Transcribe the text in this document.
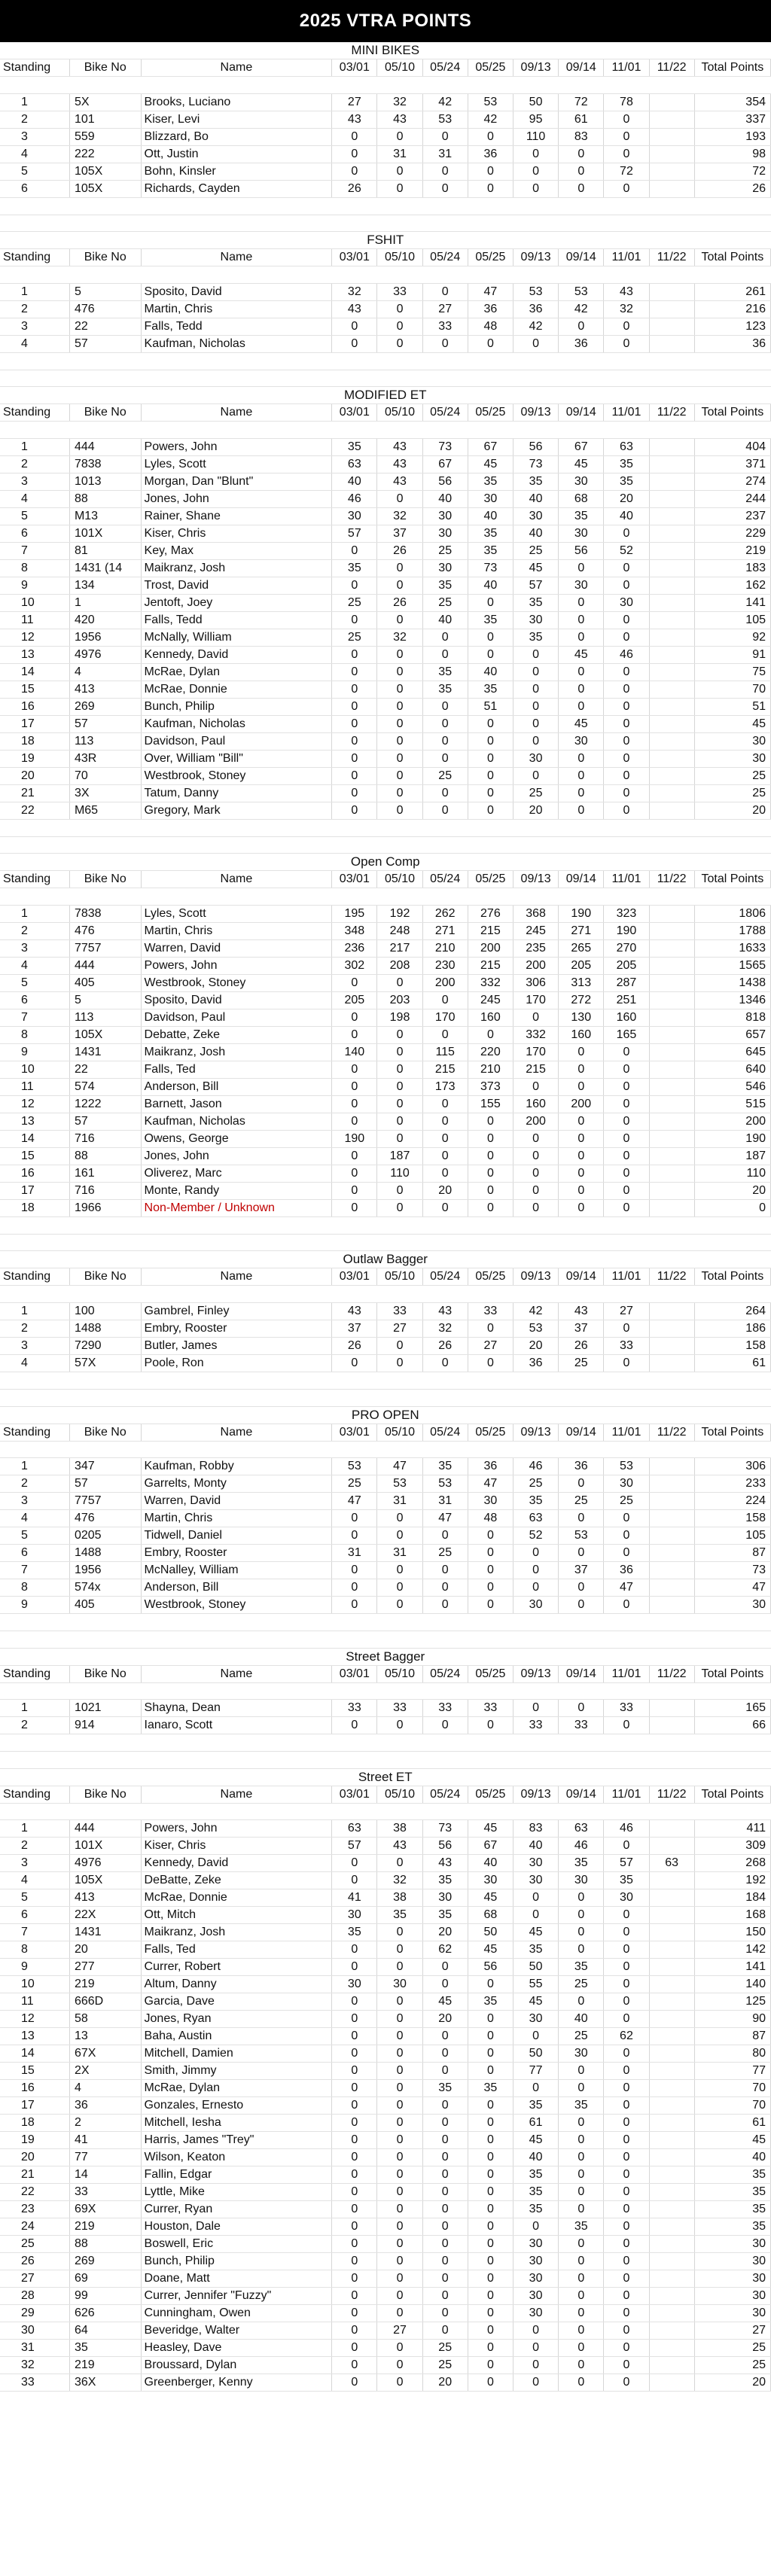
2025 VTRA POINTS
MINI BIKES											
Standing	Bike No	Name	03/01	05/10	05/24	05/25	09/13	09/14	11/01	11/22	Total Points

1	5X	Brooks, Luciano	27	32	42	53	50	72	78		354
2	101	Kiser, Levi	43	43	53	42	95	61	0		337
3	559	Blizzard, Bo	0	0	0	0	110	83	0		193
4	222	Ott, Justin	0	31	31	36	0	0	0		98
5	105X	Bohn, Kinsler	0	0	0	0	0	0	72		72
6	105X	Richards, Cayden	26	0	0	0	0	0	0		26

FSHIT											
Standing	Bike No	Name	03/01	05/10	05/24	05/25	09/13	09/14	11/01	11/22	Total Points

1	5	Sposito, David	32	33	0	47	53	53	43		261
2	476	Martin, Chris	43	0	27	36	36	42	32		216
3	22	Falls, Tedd	0	0	33	48	42	0	0		123
4	57	Kaufman, Nicholas	0	0	0	0	0	36	0		36

MODIFIED ET											
Standing	Bike No	Name	03/01	05/10	05/24	05/25	09/13	09/14	11/01	11/22	Total Points

1	444	Powers, John	35	43	73	67	56	67	63		404
2	7838	Lyles, Scott	63	43	67	45	73	45	35		371
3	1013	Morgan, Dan "Blunt"	40	43	56	35	35	30	35		274
4	88	Jones, John	46	0	40	30	40	68	20		244
5	M13	Rainer, Shane	30	32	30	40	30	35	40		237
6	101X	Kiser, Chris	57	37	30	35	40	30	0		229
7	81	Key, Max	0	26	25	35	25	56	52		219
8	1431 (14	Maikranz, Josh	35	0	30	73	45	0	0		183
9	134	Trost, David	0	0	35	40	57	30	0		162
10	1	Jentoft, Joey	25	26	25	0	35	0	30		141
11	420	Falls, Tedd	0	0	40	35	30	0	0		105
12	1956	McNally, William	25	32	0	0	35	0	0		92
13	4976	Kennedy, David	0	0	0	0	0	45	46		91
14	4	McRae, Dylan	0	0	35	40	0	0	0		75
15	413	McRae, Donnie	0	0	35	35	0	0	0		70
16	269	Bunch, Philip	0	0	0	51	0	0	0		51
17	57	Kaufman, Nicholas	0	0	0	0	0	45	0		45
18	113	Davidson, Paul	0	0	0	0	0	30	0		30
19	43R	Over, William "Bill"	0	0	0	0	30	0	0		30
20	70	Westbrook, Stoney	0	0	25	0	0	0	0		25
21	3X	Tatum, Danny	0	0	0	0	25	0	0		25
22	M65	Gregory, Mark	0	0	0	0	20	0	0		20

Open Comp											
Standing	Bike No	Name	03/01	05/10	05/24	05/25	09/13	09/14	11/01	11/22	Total Points

1	7838	Lyles, Scott	195	192	262	276	368	190	323		1806
2	476	Martin, Chris	348	248	271	215	245	271	190		1788
3	7757	Warren, David	236	217	210	200	235	265	270		1633
4	444	Powers, John	302	208	230	215	200	205	205		1565
5	405	Westbrook, Stoney	0	0	200	332	306	313	287		1438
6	5	Sposito, David	205	203	0	245	170	272	251		1346
7	113	Davidson, Paul	0	198	170	160	0	130	160		818
8	105X	Debatte, Zeke	0	0	0	0	332	160	165		657
9	1431	Maikranz, Josh	140	0	115	220	170	0	0		645
10	22	Falls, Ted	0	0	215	210	215	0	0		640
11	574	Anderson, Bill	0	0	173	373	0	0	0		546
12	1222	Barnett, Jason	0	0	0	155	160	200	0		515
13	57	Kaufman, Nicholas	0	0	0	0	200	0	0		200
14	716	Owens, George	190	0	0	0	0	0	0		190
15	88	Jones, John	0	187	0	0	0	0	0		187
16	161	Oliverez, Marc	0	110	0	0	0	0	0		110
17	716	Monte, Randy	0	0	20	0	0	0	0		20
18	1966	Non-Member / Unknown	0	0	0	0	0	0	0		0

Outlaw Bagger											
Standing	Bike No	Name	03/01	05/10	05/24	05/25	09/13	09/14	11/01	11/22	Total Points

1	100	Gambrel, Finley	43	33	43	33	42	43	27		264
2	1488	Embry, Rooster	37	27	32	0	53	37	0		186
3	7290	Butler, James	26	0	26	27	20	26	33		158
4	57X	Poole, Ron	0	0	0	0	36	25	0		61

PRO OPEN											
Standing	Bike No	Name	03/01	05/10	05/24	05/25	09/13	09/14	11/01	11/22	Total Points

1	347	Kaufman, Robby	53	47	35	36	46	36	53		306
2	57	Garrelts, Monty	25	53	53	47	25	0	30		233
3	7757	Warren, David	47	31	31	30	35	25	25		224
4	476	Martin, Chris	0	0	47	48	63	0	0		158
5	0205	Tidwell, Daniel	0	0	0	0	52	53	0		105
6	1488	Embry, Rooster	31	31	25	0	0	0	0		87
7	1956	McNalley, William	0	0	0	0	0	37	36		73
8	574x	Anderson, Bill	0	0	0	0	0	0	47		47
9	405	Westbrook, Stoney	0	0	0	0	30	0	0		30

Street Bagger											
Standing	Bike No	Name	03/01	05/10	05/24	05/25	09/13	09/14	11/01	11/22	Total Points

1	1021	Shayna, Dean	33	33	33	33	0	0	33		165
2	914	Ianaro, Scott	0	0	0	0	33	33	0		66

Street ET											
Standing	Bike No	Name	03/01	05/10	05/24	05/25	09/13	09/14	11/01	11/22	Total Points

1	444	Powers, John	63	38	73	45	83	63	46		411
2	101X	Kiser, Chris	57	43	56	67	40	46	0		309
3	4976	Kennedy, David	0	0	43	40	30	35	57	63	268
4	105X	DeBatte, Zeke	0	32	35	30	30	30	35		192
5	413	McRae, Donnie	41	38	30	45	0	0	30		184
6	22X	Ott, Mitch	30	35	35	68	0	0	0		168
7	1431	Maikranz, Josh	35	0	20	50	45	0	0		150
8	20	Falls, Ted	0	0	62	45	35	0	0		142
9	277	Currer, Robert	0	0	0	56	50	35	0		141
10	219	Altum, Danny	30	30	0	0	55	25	0		140
11	666D	Garcia, Dave	0	0	45	35	45	0	0		125
12	58	Jones, Ryan	0	0	20	0	30	40	0		90
13	13	Baha, Austin	0	0	0	0	0	25	62		87
14	67X	Mitchell, Damien	0	0	0	0	50	30	0		80
15	2X	Smith, Jimmy	0	0	0	0	77	0	0		77
16	4	McRae, Dylan	0	0	35	35	0	0	0		70
17	36	Gonzales, Ernesto	0	0	0	0	35	35	0		70
18	2	Mitchell, Iesha	0	0	0	0	61	0	0		61
19	41	Harris, James "Trey"	0	0	0	0	45	0	0		45
20	77	Wilson, Keaton	0	0	0	0	40	0	0		40
21	14	Fallin, Edgar	0	0	0	0	35	0	0		35
22	33	Lyttle, Mike	0	0	0	0	35	0	0		35
23	69X	Currer, Ryan	0	0	0	0	35	0	0		35
24	219	Houston, Dale	0	0	0	0	0	35	0		35
25	88	Boswell, Eric	0	0	0	0	30	0	0		30
26	269	Bunch, Philip	0	0	0	0	30	0	0		30
27	69	Doane, Matt	0	0	0	0	30	0	0		30
28	99	Currer, Jennifer "Fuzzy"	0	0	0	0	30	0	0		30
29	626	Cunningham, Owen	0	0	0	0	30	0	0		30
30	64	Beveridge, Walter	0	27	0	0	0	0	0		27
31	35	Heasley, Dave	0	0	25	0	0	0	0		25
32	219	Broussard, Dylan	0	0	25	0	0	0	0		25
33	36X	Greenberger, Kenny	0	0	20	0	0	0	0		20
